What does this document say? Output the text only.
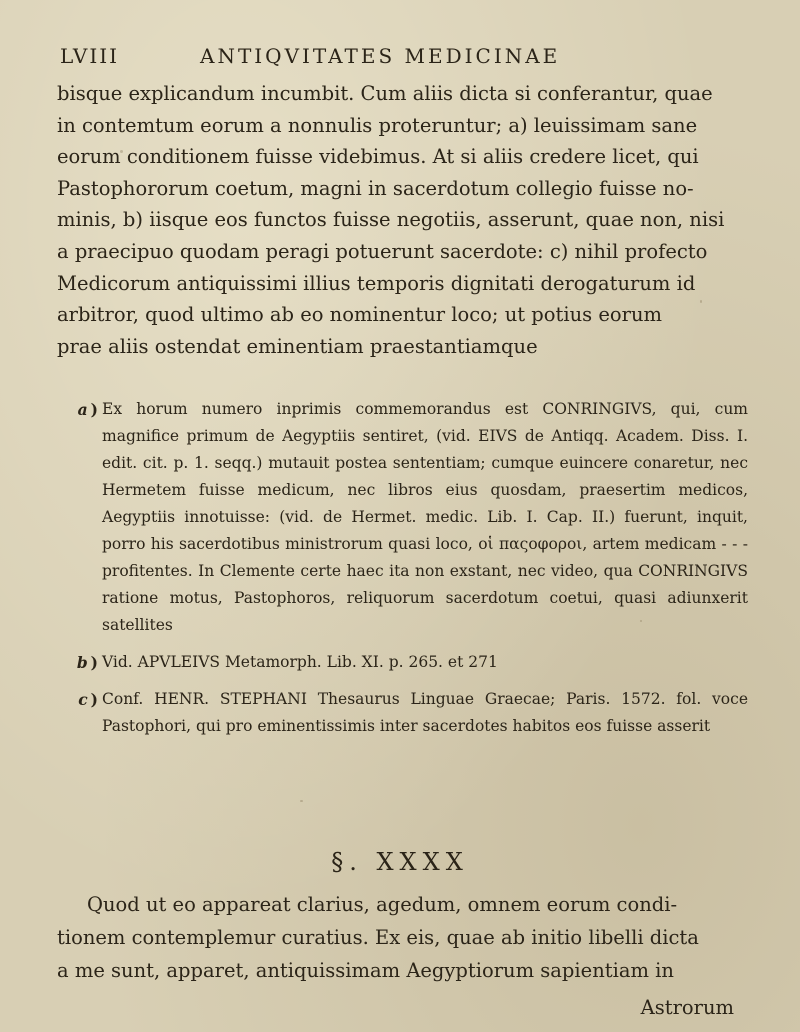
LVIII	ANTIQVITATES MEDICINAE

bisque explicandum incumbit. Cum aliis dicta si conferantur, quae

in contemtum eorum a nonnulis proteruntur; a) leuissimam sane

eorum conditionem fuisse videbimus. At si aliis credere licet, qui

Pastophororum coetum, magni in sacerdotum collegio fuisse no-

minis, b) iisque eos functos fuisse negotiis, asserunt, quae non, nisi

a praecipuo quodam peragi potuerunt sacerdote: c) nihil profecto

Medicorum antiquissimi illius temporis dignitati derogaturum id

arbitror, quod ultimo ab eo nominentur loco; ut potius eorum

prae aliis ostendat eminentiam praestantiamque

a ) Ex horum numero inprimis commemorandus est CONRINGIVS, qui, cum magnifice primum de Aegyptiis sentiret, (vid. EIVS de Antiqq. Academ. Diss. I. edit. cit. p. 1. seqq.) mutauit postea sententiam; cumque euincere conaretur, nec Hermetem fuisse medicum, nec libros eius quosdam, praesertim medicos, Aegyptiis innotuisse: (vid. de Hermet. medic. Lib. I. Cap. II.) fuerunt, inquit, porro his sacerdotibus ministrorum quasi loco, οἱ παςοφοροι, artem medicam - - - profitentes. In Clemente certe haec ita non exstant, nec video, qua CONRINGIVS ratione motus, Pastophoros, reliquorum sacerdotum coetui, quasi adiunxerit satellites

b ) Vid. APVLEIVS Metamorph. Lib. XI. p. 265. et 271

c ) Conf. HENR. STEPHANI Thesaurus Linguae Graecae; Paris. 1572. fol. voce Pastophori, qui pro eminentissimis inter sacerdotes habitos eos fuisse asserit

§. XXXX

Quod ut eo appareat clarius, agedum, omnem eorum condi-

tionem contemplemur curatius. Ex eis, quae ab initio libelli dicta

a me sunt, apparet, antiquissimam Aegyptiorum sapientiam in

Astrorum
